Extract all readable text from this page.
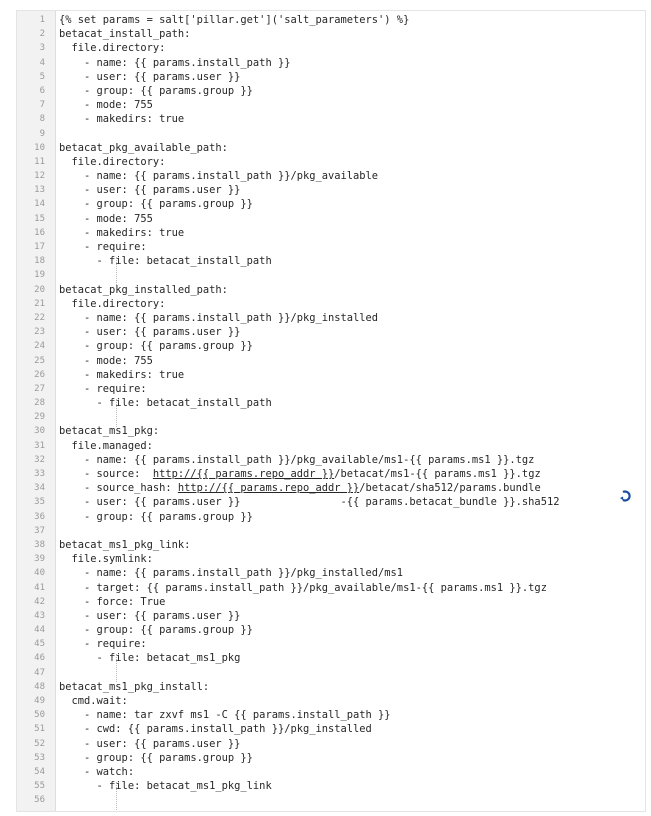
1 {% set params = salt['pillar.get']('salt_parameters') %}
2 betacat_install_path:
3 file.directory:
4 - name: {{ params.install_path }}
5 - user: {{ params.user }}
6 - group: {{ params.group }}
7 - mode: 755
8 - makedirs: true
9
10 betacat_pkg_available_path:
11 file.directory:
12 - name: {{ params.install_path }}/pkg_available
13 - user: {{ params.user }}
14 - group: {{ params.group }}
15 - mode: 755
16 - makedirs: true
17 - require:
18 - file: betacat_install_path
19
20 betacat_pkg_installed_path:
21 file.directory:
22 - name: {{ params.install_path }}/pkg_installed
23 - user: {{ params.user }}
24 - group: {{ params.group }}
25 - mode: 755
26 - makedirs: true
27 - require:
28 - file: betacat_install_path
29
30 betacat_ms1_pkg:
31 file.managed:
32 - name: {{ params.install_path }}/pkg_available/ms1-{{ params.ms1 }}.tgz
33 - source:  http://{{ params.repo_addr }}/betacat/ms1-{{ params.ms1 }}.tgz
34 - source_hash: http://{{ params.repo_addr }}/betacat/sha512/params.bundle
35 - user: {{ params.user }}                -{{ params.betacat_bundle }}.sha512
36 - group: {{ params.group }}
37
38 betacat_ms1_pkg_link:
39 file.symlink:
40 - name: {{ params.install_path }}/pkg_installed/ms1
41 - target: {{ params.install_path }}/pkg_available/ms1-{{ params.ms1 }}.tgz
42 - force: True
43 - user: {{ params.user }}
44 - group: {{ params.group }}
45 - require:
46 - file: betacat_ms1_pkg
47
48 betacat_ms1_pkg_install:
49 cmd.wait:
50 - name: tar zxvf ms1 -C {{ params.install_path }}
51 - cwd: {{ params.install_path }}/pkg_installed
52 - user: {{ params.user }}
53 - group: {{ params.group }}
54 - watch:
55 - file: betacat_ms1_pkg_link
56
